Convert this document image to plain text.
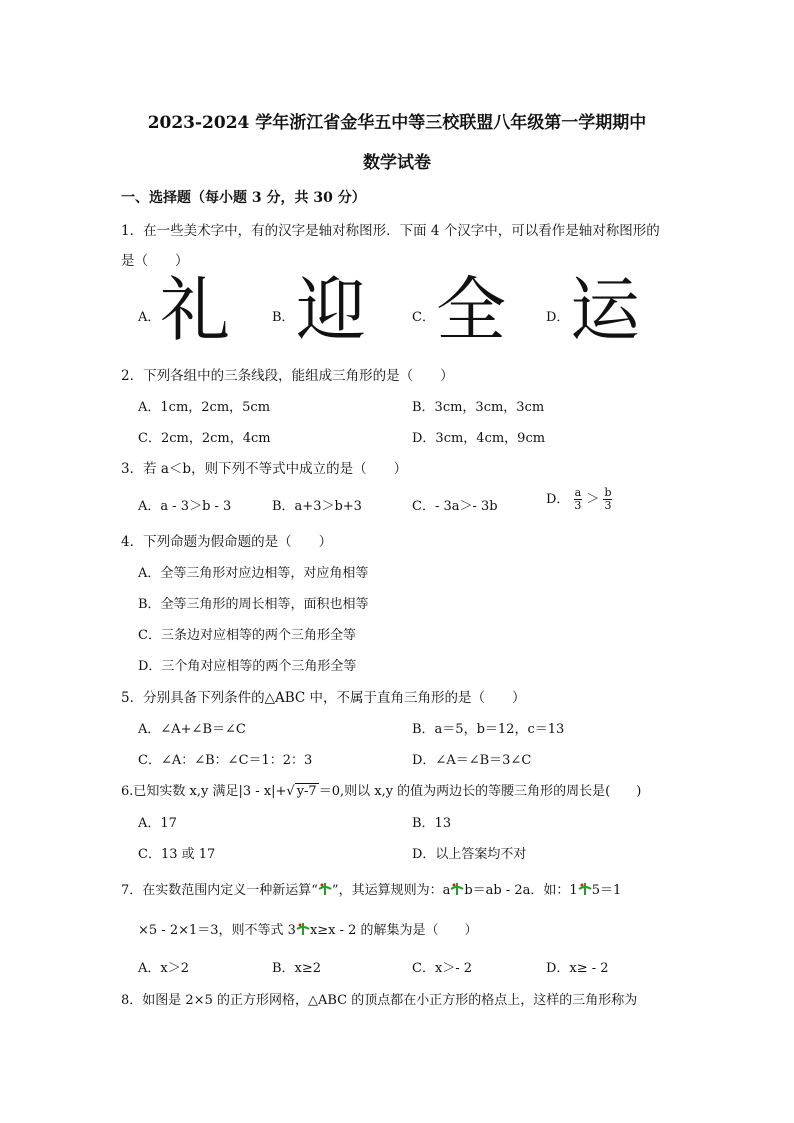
2023-2024 学年浙江省金华五中等三校联盟八年级第一学期期中
数学试卷
一、选择题（每小题 3 分，共 30 分）
1．在一些美术字中，有的汉字是轴对称图形．下面 4 个汉字中，可以看作是轴对称图形的
是（　　）
A． 礼	B． 迎	C． 全	D． 运
2．下列各组中的三条线段，能组成三角形的是（　　）
A．1cm，2cm，5cm	B．3cm，3cm，3cm
C．2cm，2cm，4cm	D．3cm，4cm，9cm
3．若 a＜b，则下列不等式中成立的是（　　）
A．a - 3＞b - 3	B．a+3＞b+3	C．- 3a＞- 3b	D． $\frac{a}{3} > \frac{b}{3}$
4．下列命题为假命题的是（　　）
A．全等三角形对应边相等，对应角相等
B．全等三角形的周长相等，面积也相等
C．三条边对应相等的两个三角形全等
D．三个角对应相等的两个三角形全等
5．分别具备下列条件的△ABC 中，不属于直角三角形的是（　　）
A．∠A+∠B＝∠C	B．a＝5，b＝12，c＝13
C．∠A：∠B：∠C＝1：2：3	D．∠A＝∠B＝3∠C
6.已知实数 x,y 满足|3 - x|+√ y-7 ＝0,则以 x,y 的值为两边长的等腰三角形的周长是(　　)
A．17	B．13
C．13 或 17	D．以上答案均不对
7．在实数范围内定义一种新运算“ ”，其运算规则为：a b＝ab - 2a．如：1 5＝1
×5 - 2×1＝3，则不等式 3 x≥x - 2 的解集为是（　　）
A．x＞2	B．x≥2	C．x＞- 2	D．x≥ - 2
8．如图是 2×5 的正方形网格，△ABC 的顶点都在小正方形的格点上，这样的三角形称为
